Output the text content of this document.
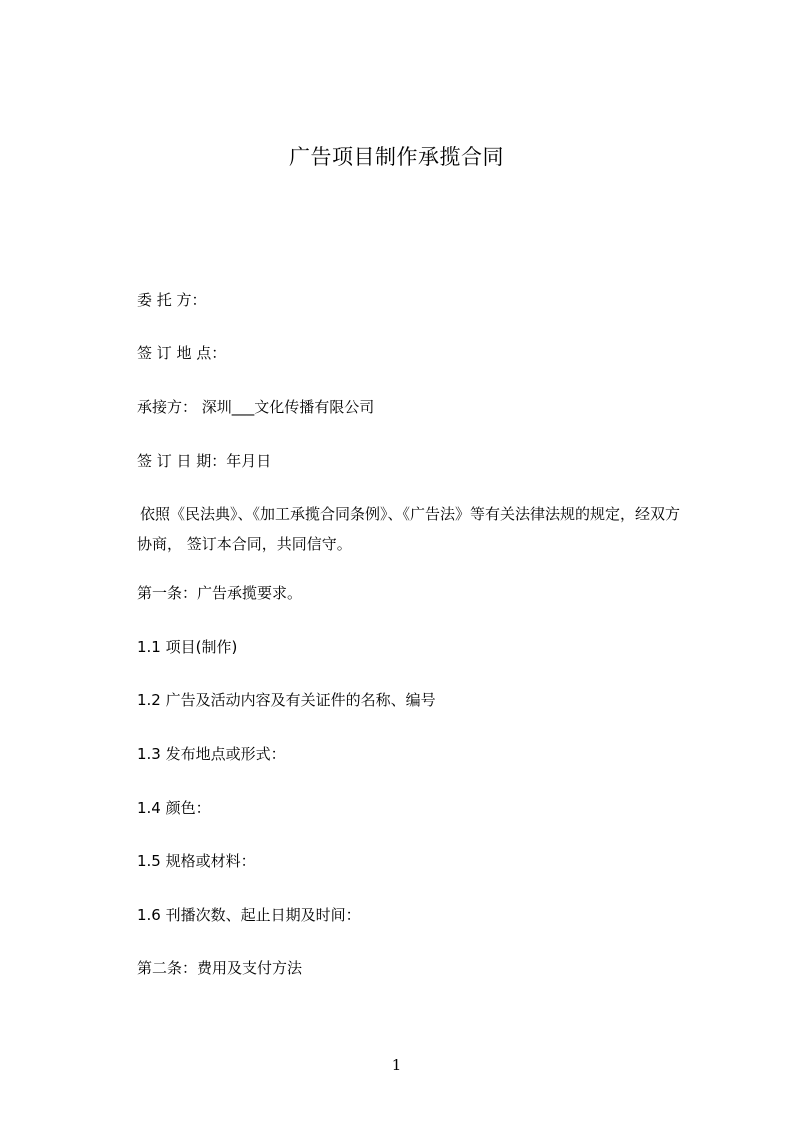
广告项目制作承揽合同
委 托 方：
签 订 地 点：
承接方： 深圳___文化传播有限公司
签 订 日 期：年月日
依照《民法典》、《加工承揽合同条例》、《广告法》等有关法律法规的规定，经双方协商， 签订本合同，共同信守。
第一条：广告承揽要求。
1.1 项目(制作)
1.2 广告及活动内容及有关证件的名称、编号
1.3 发布地点或形式：
1.4 颜色：
1.5 规格或材料：
1.6 刊播次数、起止日期及时间：
第二条：费用及支付方法
1
